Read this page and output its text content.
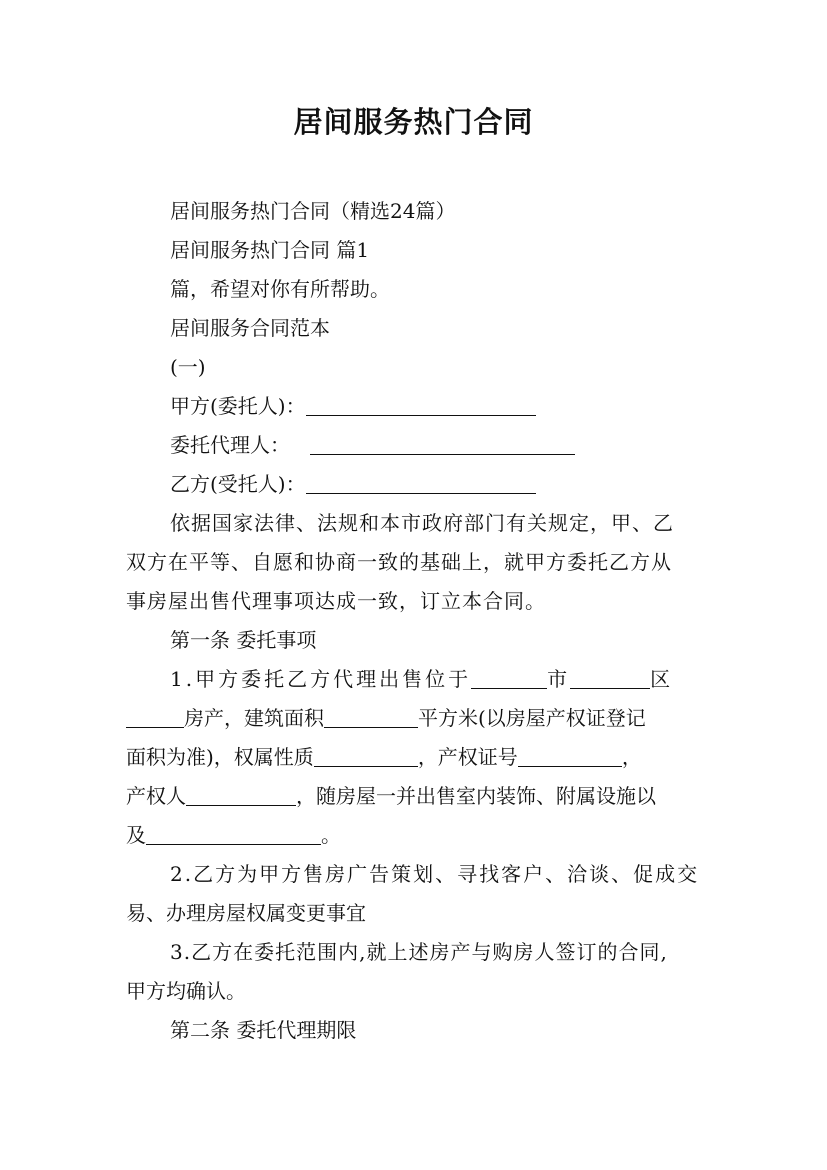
居间服务热门合同
居间服务热门合同（精选24篇）
居间服务热门合同 篇1
篇，希望对你有所帮助。
居间服务合同范本
(一)
甲方(委托人)：
委托代理人：
乙方(受托人)：
依据国家法律、法规和本市政府部门有关规定，甲、乙
双方在平等、自愿和协商一致的基础上，就甲方委托乙方从
事房屋出售代理事项达成一致，订立本合同。
第一条 委托事项
1.甲方委托乙方代理出售位于	市	区
房产，建筑面积	平方米(以房屋产权证登记
面积为准)，权属性质	，产权证号	，
产权人	，随房屋一并出售室内装饰、附属设施以
及	。
2.乙方为甲方售房广告策划、寻找客户、洽谈、促成交
易、办理房屋权属变更事宜
3.乙方在委托范围内,就上述房产与购房人签订的合同,
甲方均确认。
第二条 委托代理期限
